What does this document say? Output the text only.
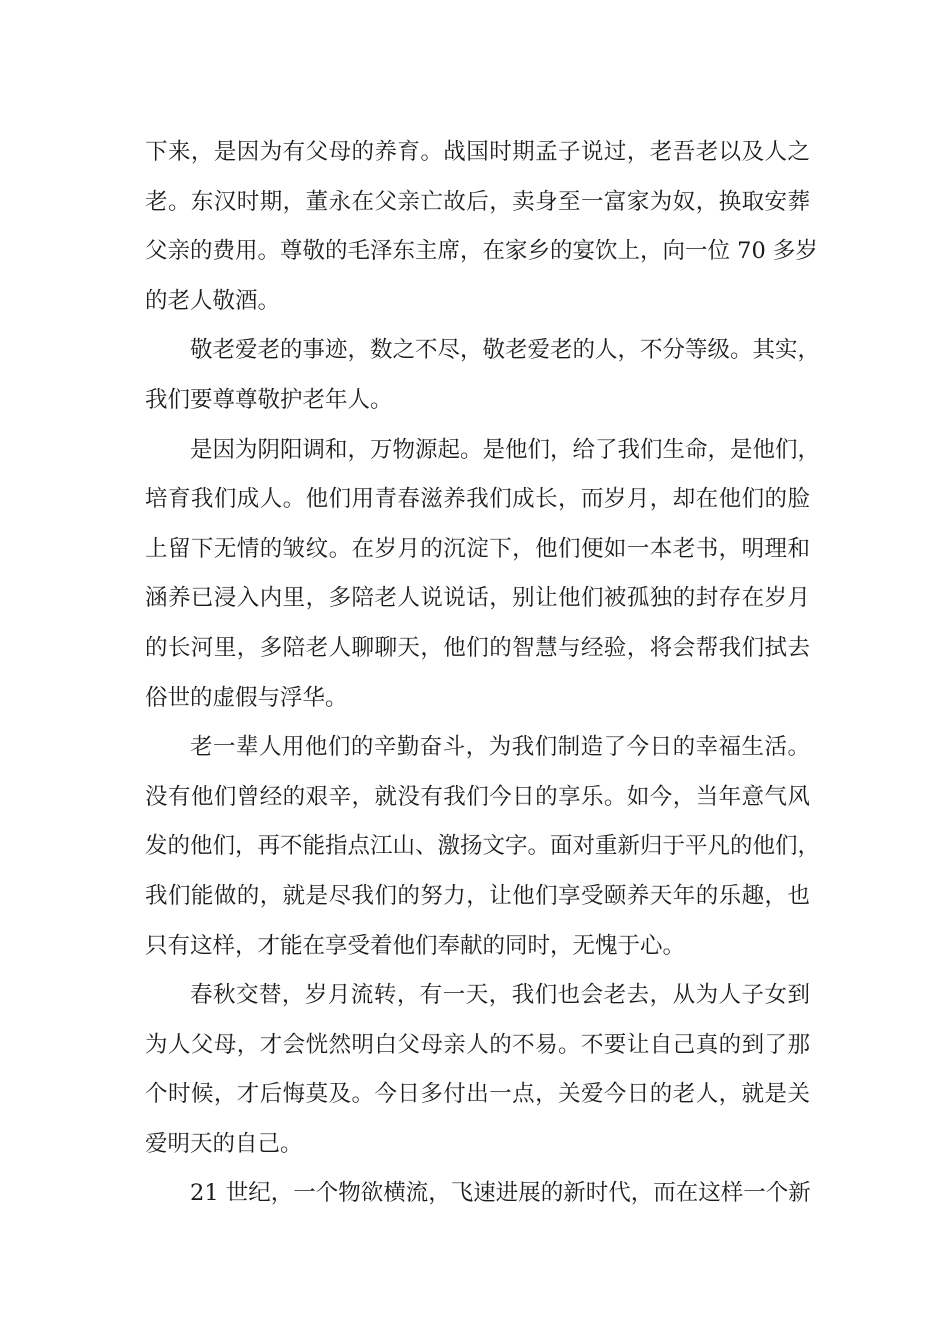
下来，是因为有父母的养育。战国时期孟子说过，老吾老以及人之
老。东汉时期，董永在父亲亡故后，卖身至一富家为奴，换取安葬
父亲的费用。尊敬的毛泽东主席，在家乡的宴饮上，向一位 70 多岁
的老人敬酒。
敬老爱老的事迹，数之不尽，敬老爱老的人，不分等级。其实，
我们要尊尊敬护老年人。
是因为阴阳调和，万物源起。是他们，给了我们生命，是他们，
培育我们成人。他们用青春滋养我们成长，而岁月，却在他们的脸
上留下无情的皱纹。在岁月的沉淀下，他们便如一本老书，明理和
涵养已浸入内里，多陪老人说说话，别让他们被孤独的封存在岁月
的长河里，多陪老人聊聊天，他们的智慧与经验，将会帮我们拭去
俗世的虚假与浮华。
老一辈人用他们的辛勤奋斗，为我们制造了今日的幸福生活。
没有他们曾经的艰辛，就没有我们今日的享乐。如今，当年意气风
发的他们，再不能指点江山、激扬文字。面对重新归于平凡的他们，
我们能做的，就是尽我们的努力，让他们享受颐养天年的乐趣，也
只有这样，才能在享受着他们奉献的同时，无愧于心。
春秋交替，岁月流转，有一天，我们也会老去，从为人子女到
为人父母，才会恍然明白父母亲人的不易。不要让自己真的到了那
个时候，才后悔莫及。今日多付出一点，关爱今日的老人，就是关
爱明天的自己。
21 世纪，一个物欲横流，飞速进展的新时代，而在这样一个新
